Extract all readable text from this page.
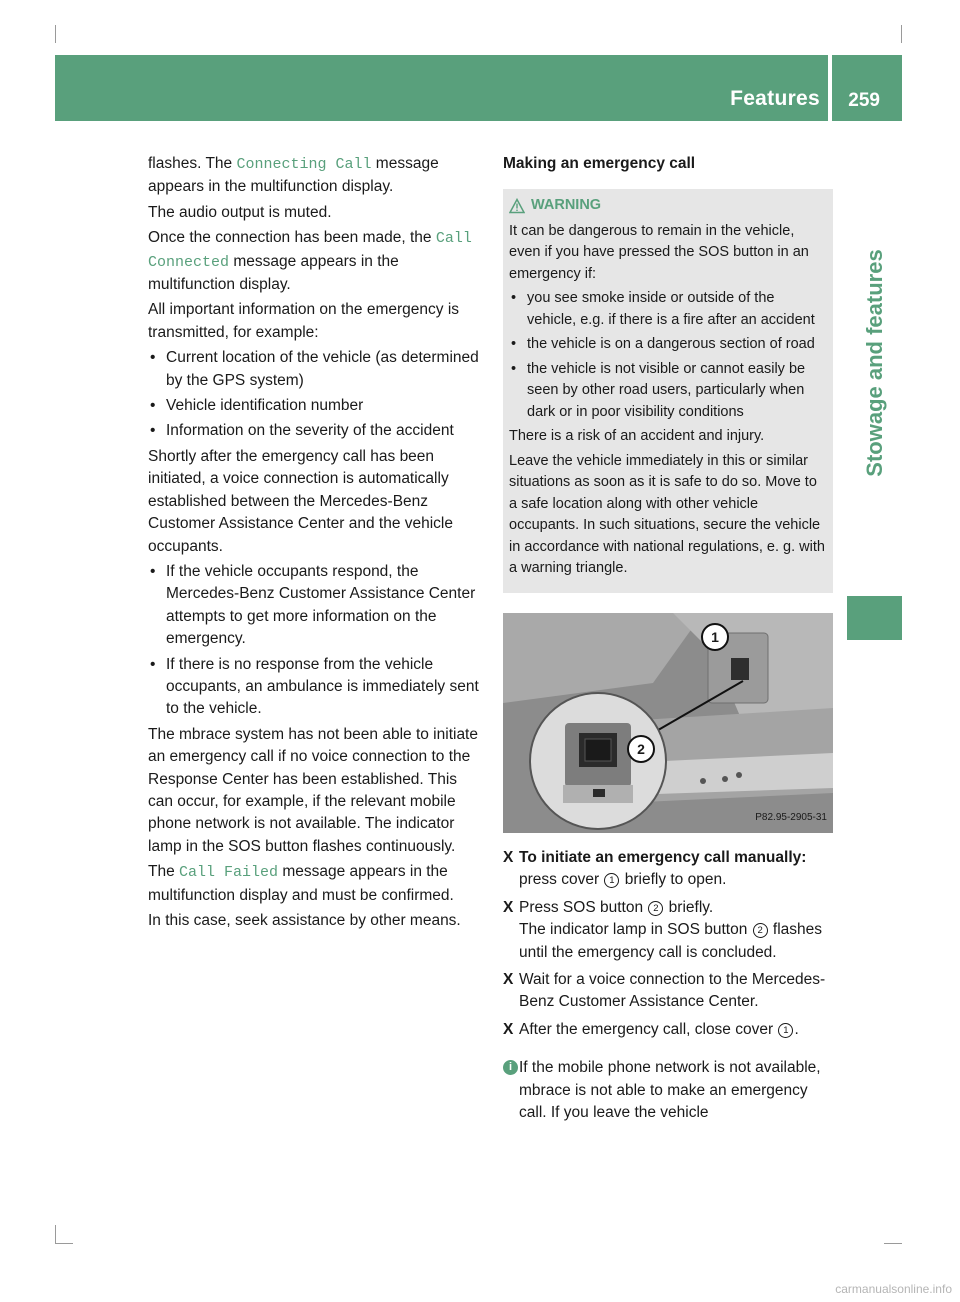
Features 259
Stowage and features

flashes. The Connecting Call message appears in the multifunction display.

The audio output is muted.

Once the connection has been made, the Call Connected message appears in the multifunction display.

All important information on the emergency is transmitted, for example:

• Current location of the vehicle (as determined by the GPS system)
• Vehicle identification number
• Information on the severity of the accident

Shortly after the emergency call has been initiated, a voice connection is automatically established between the Mercedes-Benz Customer Assistance Center and the vehicle occupants.

• If the vehicle occupants respond, the Mercedes-Benz Customer Assistance Center attempts to get more information on the emergency.
• If there is no response from the vehicle occupants, an ambulance is immediately sent to the vehicle.

The mbrace system has not been able to initiate an emergency call if no voice connection to the Response Center has been established. This can occur, for example, if the relevant mobile phone network is not available. The indicator lamp in the SOS button flashes continuously.

The Call Failed message appears in the multifunction display and must be confirmed.

In this case, seek assistance by other means.

Making an emergency call
WARNING

It can be dangerous to remain in the vehicle, even if you have pressed the SOS button in an emergency if:

• you see smoke inside or outside of the vehicle, e.g. if there is a fire after an accident
• the vehicle is on a dangerous section of road
• the vehicle is not visible or cannot easily be seen by other road users, particularly when dark or in poor visibility conditions

There is a risk of an accident and injury.

Leave the vehicle immediately in this or similar situations as soon as it is safe to do so. Move to a safe location along with other vehicle occupants. In such situations, secure the vehicle in accordance with national regulations, e. g. with a warning triangle.

1
2
P82.95-2905-31
X To initiate an emergency call manually: press cover 1 briefly to open.
X Press SOS button 2 briefly.
The indicator lamp in SOS button 2 flashes until the emergency call is concluded.
X Wait for a voice connection to the Mercedes-Benz Customer Assistance Center.
X After the emergency call, close cover 1 .
i If the mobile phone network is not available, mbrace is not able to make an emergency call. If you leave the vehicle
carmanualsonline.info
